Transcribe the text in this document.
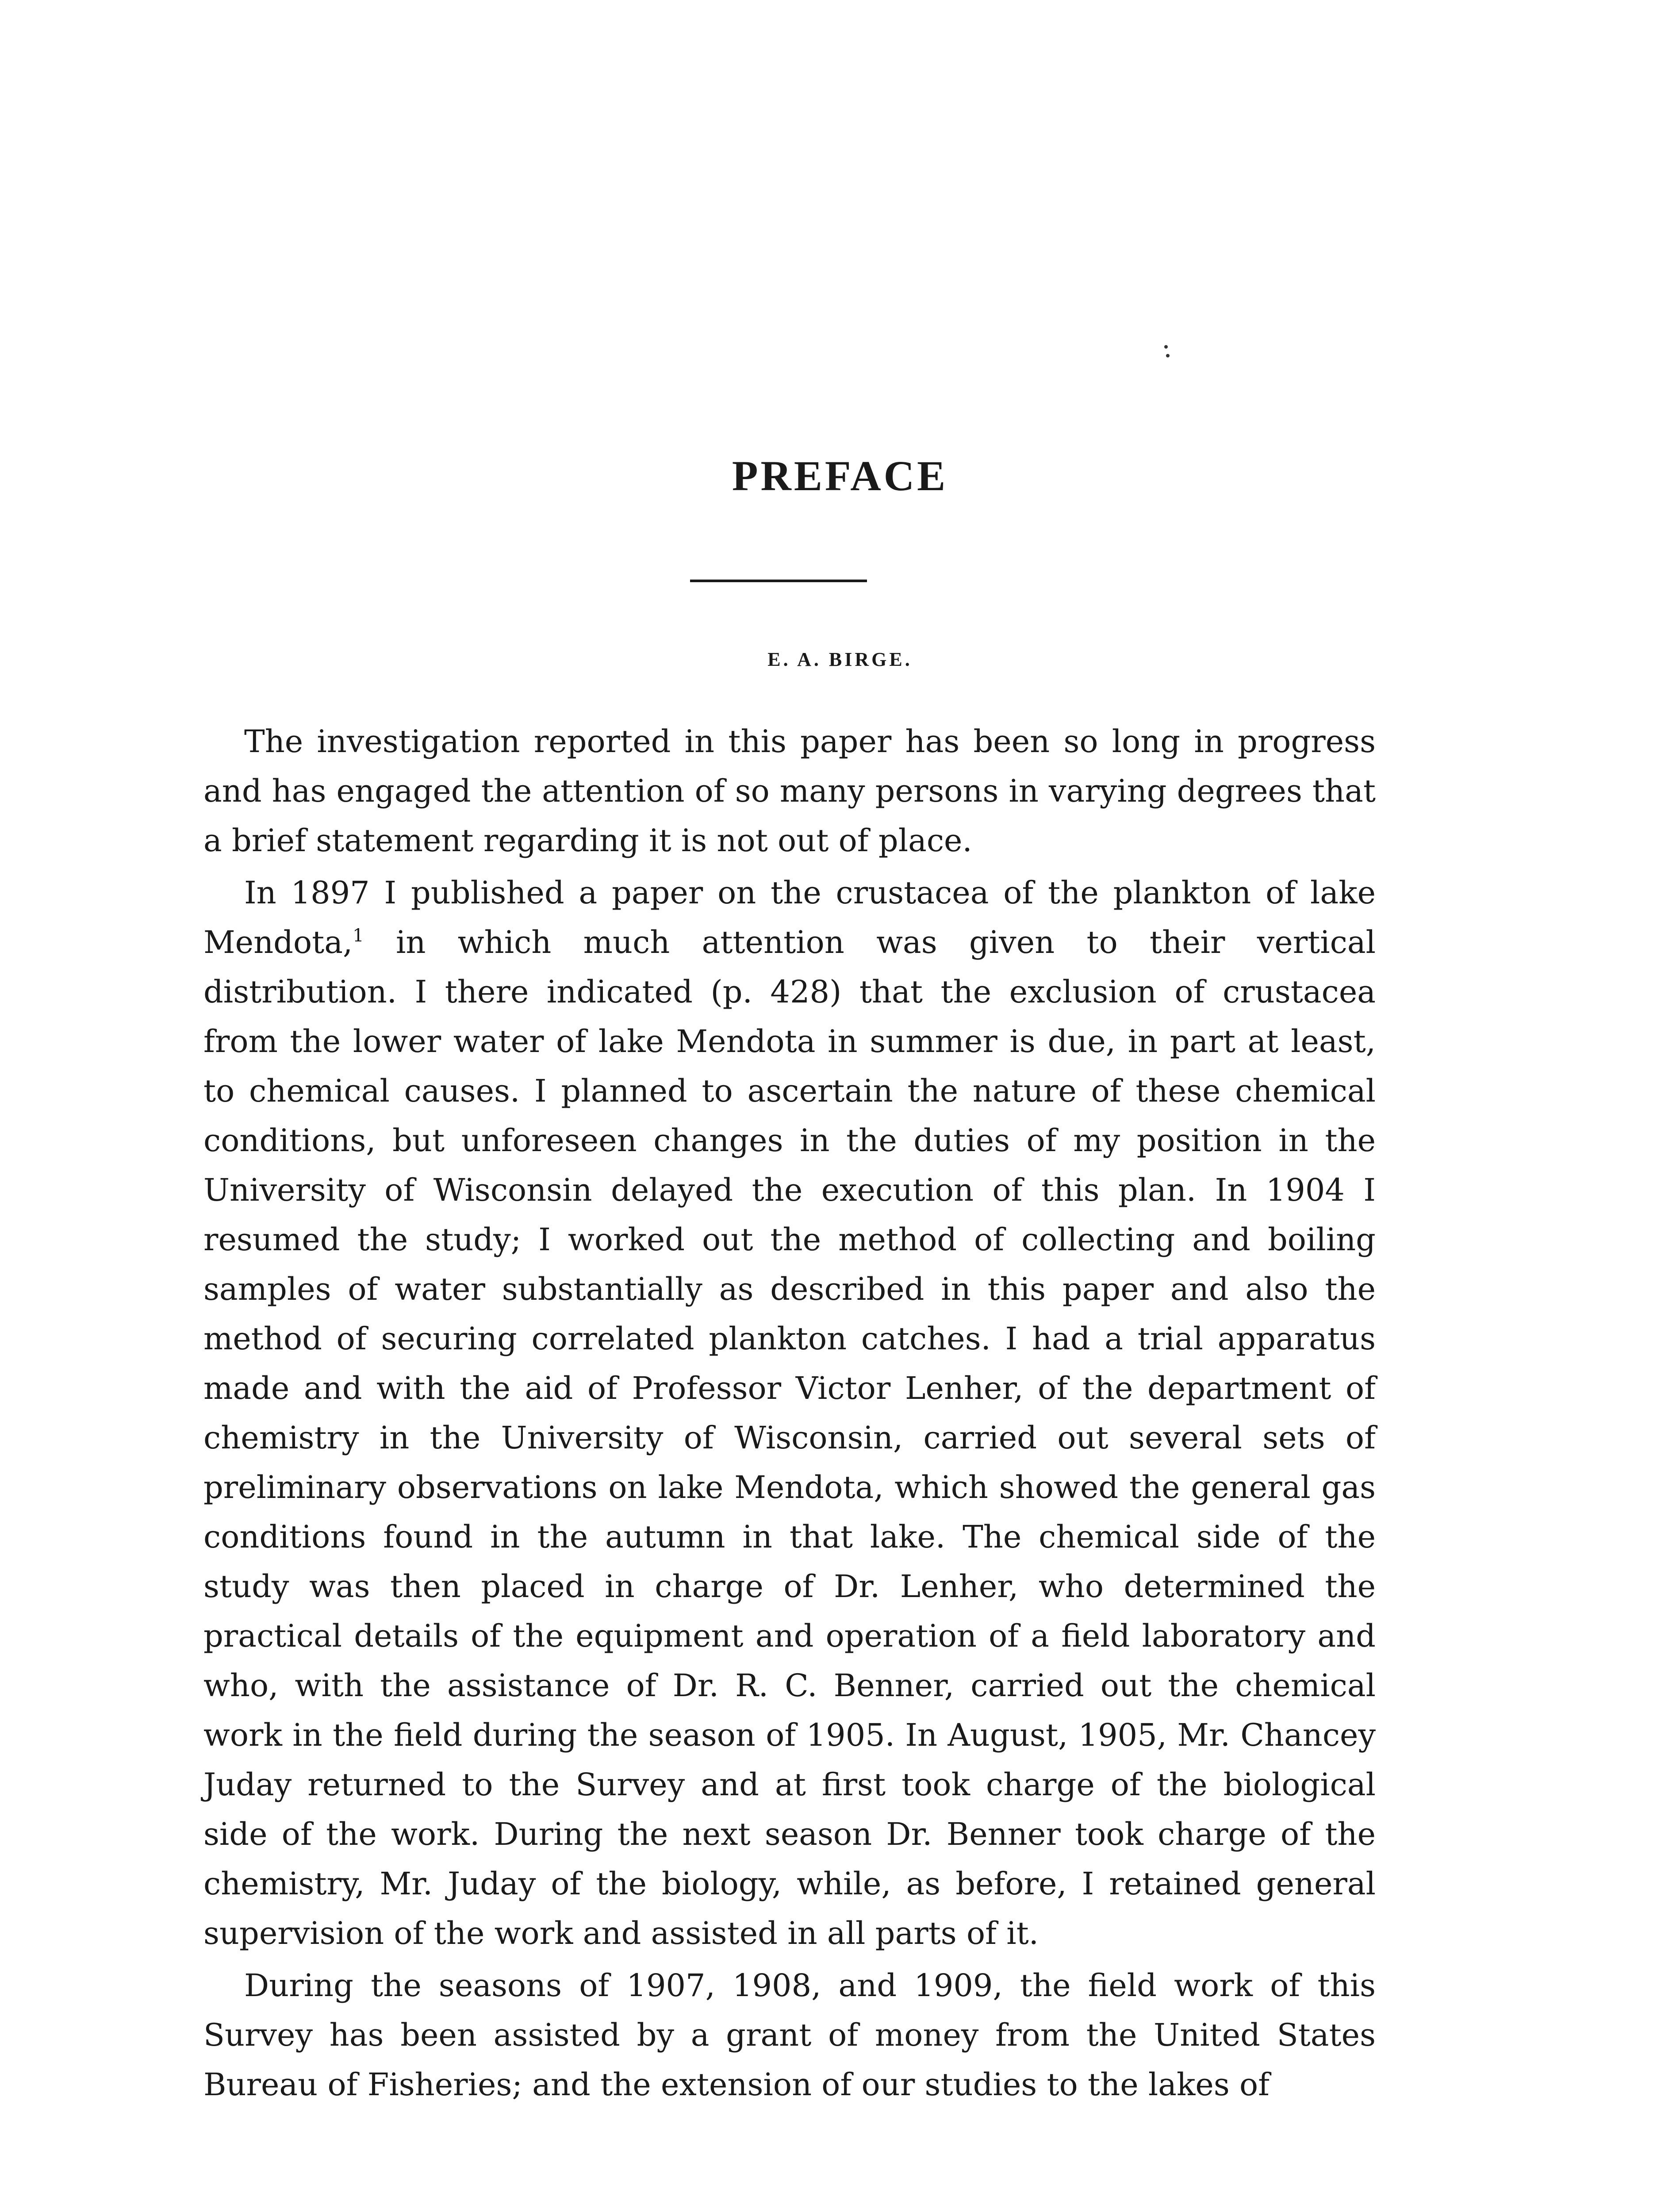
PREFACE
E. A. BIRGE.

The investigation reported in this paper has been so long in progress and has engaged the attention of so many persons in varying degrees that a brief statement regarding it is not out of place.

In 1897 I published a paper on the crustacea of the plankton of lake Mendota,$^1$ in which much attention was given to their vertical distribution. I there indicated (p. 428) that the exclusion of crustacea from the lower water of lake Mendota in summer is due, in part at least, to chemical causes. I planned to ascertain the nature of these chemical conditions, but unforeseen changes in the duties of my position in the University of Wisconsin delayed the execution of this plan. In 1904 I resumed the study; I worked out the method of collecting and boiling samples of water substantially as described in this paper and also the method of securing correlated plankton catches. I had a trial apparatus made and with the aid of Professor Victor Lenher, of the department of chemistry in the University of Wisconsin, carried out several sets of preliminary observations on lake Mendota, which showed the general gas conditions found in the autumn in that lake. The chemical side of the study was then placed in charge of Dr. Lenher, who determined the practical details of the equipment and operation of a field laboratory and who, with the assistance of Dr. R. C. Benner, carried out the chemical work in the field during the season of 1905. In August, 1905, Mr. Chancey Juday returned to the Survey and at first took charge of the biological side of the work. During the next season Dr. Benner took charge of the chemistry, Mr. Juday of the biology, while, as before, I retained general supervision of the work and assisted in all parts of it.

During the seasons of 1907, 1908, and 1909, the field work of this Survey has been assisted by a grant of money from the United States Bureau of Fisheries; and the extension of our studies to the lakes of
